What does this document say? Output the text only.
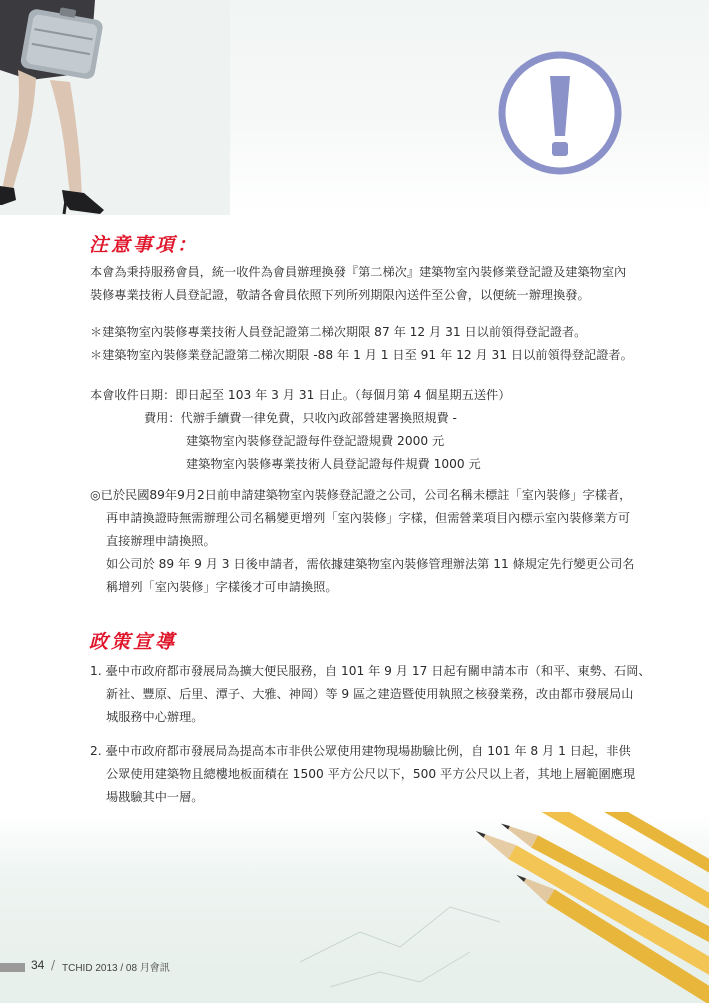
注意事項：
本會為秉持服務會員，統一收件為會員辦理換發『第二梯次』建築物室內裝修業登記證及建築物室內
裝修專業技術人員登記證，敬請各會員依照下列所列期限內送件至公會，以便統一辦理換發。
＊建築物室內裝修專業技術人員登記證第二梯次期限 87 年 12 月 31 日以前領得登記證者。
＊建築物室內裝修業登記證第二梯次期限 -88 年 1 月 1 日至 91 年 12 月 31 日以前領得登記證者。
本會收件日期：即日起至 103 年 3 月 31 日止。（每個月第 4 個星期五送件）
費用：代辦手續費一律免費，只收內政部營建署換照規費 -
建築物室內裝修登記證每件登記證規費 2000 元
建築物室內裝修專業技術人員登記證每件規費 1000 元
◎已於民國89年9月2日前申請建築物室內裝修登記證之公司，公司名稱未標註「室內裝修」字樣者，
再申請換證時無需辦理公司名稱變更增列「室內裝修」字樣，但需營業項目內標示室內裝修業方可
直接辦理申請換照。
如公司於 89 年 9 月 3 日後申請者，需依據建築物室內裝修管理辦法第 11 條規定先行變更公司名
稱增列「室內裝修」字樣後才可申請換照。
政策宣導
1. 臺中市政府都市發展局為擴大便民服務，自 101 年 9 月 17 日起有關申請本市（和平、東勢、石岡、
新社、豐原、后里、潭子、大雅、神岡）等 9 區之建造暨使用執照之核發業務，改由都市發展局山
城服務中心辦理。
2. 臺中市政府都市發展局為提高本市非供公眾使用建物現場勘驗比例，自 101 年 8 月 1 日起，非供
公眾使用建築物且總樓地板面積在 1500 平方公尺以下，500 平方公尺以上者，其地上層範圍應現
場戡驗其中一層。
34 / TCHID 2013 / 08 月會訊
